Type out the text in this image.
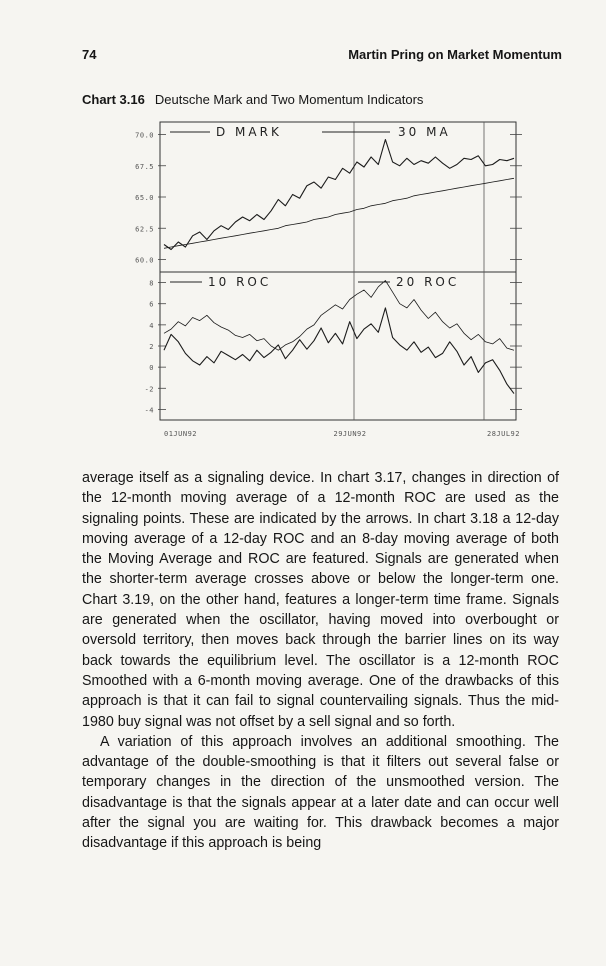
74	Martin Pring on Market Momentum
Chart 3.16 Deutsche Mark and Two Momentum Indicators
60.0
62.5
65.0
67.5
70.0
-4
-2
0
2
4
6
8
01JUN92	29JUN92	28JUL92
D MARK	30 MA
10 ROC	20 ROC

average itself as a signaling device. In chart 3.17, changes in direction of the 12-month moving average of a 12-month ROC are used as the signaling points. These are indicated by the arrows. In chart 3.18 a 12-day moving average of a 12-day ROC and an 8-day moving average of both the Moving Average and ROC are featured. Signals are generated when the shorter-term average crosses above or below the longer-term one. Chart 3.19, on the other hand, features a longer-term time frame. Signals are generated when the oscillator, having moved into overbought or oversold territory, then moves back through the barrier lines on its way back towards the equilibrium level. The oscillator is a 12-month ROC Smoothed with a 6-month moving average. One of the drawbacks of this approach is that it can fail to signal countervailing signals. Thus the mid-1980 buy signal was not offset by a sell signal and so forth.

A variation of this approach involves an additional smoothing. The advantage of the double-smoothing is that it filters out several false or temporary changes in the direction of the unsmoothed version. The disadvantage is that the signals appear at a later date and can occur well after the signal you are waiting for. This drawback becomes a major disadvantage if this approach is being
